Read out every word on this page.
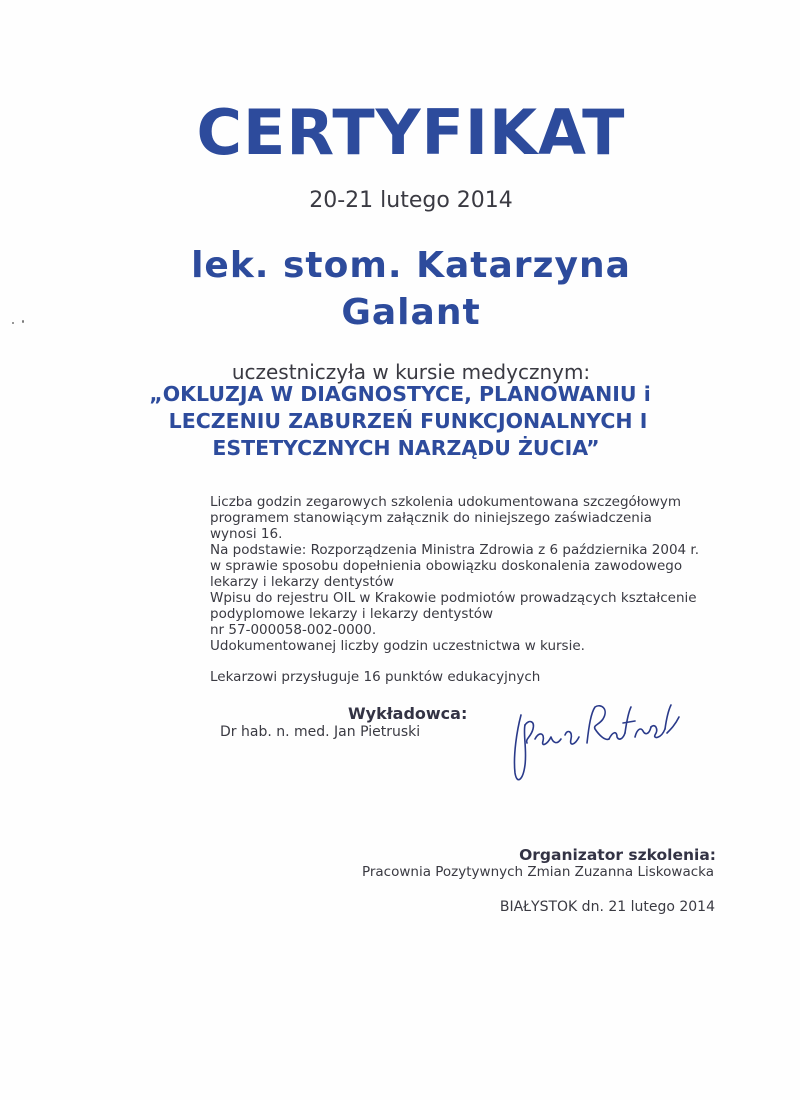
CERTYFIKAT
20-21 lutego 2014
lek. stom. Katarzyna
Galant
uczestniczyła w kursie medycznym:
„OKLUZJA W DIAGNOSTYCE, PLANOWANIU i
LECZENIU ZABURZEŃ FUNKCJONALNYCH I
ESTETYCZNYCH NARZĄDU ŻUCIA”
Liczba godzin zegarowych szkolenia udokumentowana szczegółowym
programem stanowiącym załącznik do niniejszego zaświadczenia
wynosi 16.
Na podstawie: Rozporządzenia Ministra Zdrowia z 6 października 2004 r.
w sprawie sposobu dopełnienia obowiązku doskonalenia zawodowego
lekarzy i lekarzy dentystów
Wpisu do rejestru OIL w Krakowie podmiotów prowadzących kształcenie
podyplomowe lekarzy i lekarzy dentystów
nr 57-000058-002-0000.
Udokumentowanej liczby godzin uczestnictwa w kursie.
Lekarzowi przysługuje 16 punktów edukacyjnych
Wykładowca:
Dr hab. n. med. Jan Pietruski
Organizator szkolenia:
Pracownia Pozytywnych Zmian Zuzanna Liskowacka
BIAŁYSTOK dn. 21 lutego 2014
